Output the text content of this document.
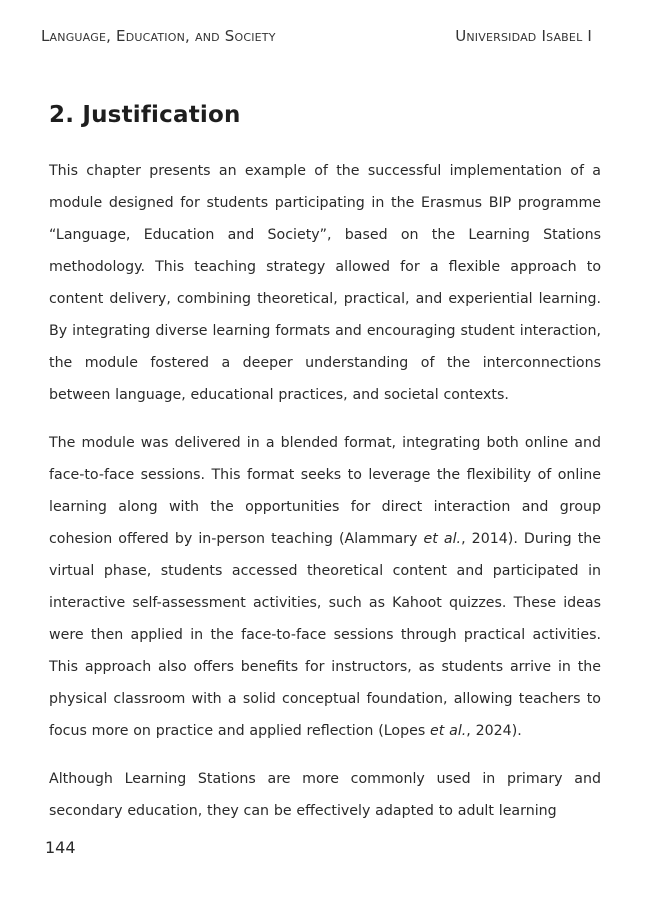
Language, Education, and Society	Universidad Isabel I
2. Justification

This chapter presents an example of the successful implementation of a module designed for students participating in the Erasmus BIP programme “Language, Education and Society”, based on the Learning Stations methodology. This teaching strategy allowed for a flexible approach to content delivery, combining theoretical, practical, and experiential learning. By integrating diverse learning formats and encouraging student interaction, the module fostered a deeper understanding of the interconnections between language, educational practices, and societal contexts.

The module was delivered in a blended format, integrating both online and face-to-face sessions. This format seeks to leverage the flexibility of online learning along with the opportunities for direct interaction and group cohesion offered by in-person teaching (Alammary et al., 2014). During the virtual phase, students accessed theoretical content and participated in interactive self-assessment activities, such as Kahoot quizzes. These ideas were then applied in the face-to-face sessions through practical activities. This approach also offers benefits for instructors, as students arrive in the physical classroom with a solid conceptual foundation, allowing teachers to focus more on practice and applied reflection (Lopes et al., 2024).

Although Learning Stations are more commonly used in primary and secondary education, they can be effectively adapted to adult learning

144
